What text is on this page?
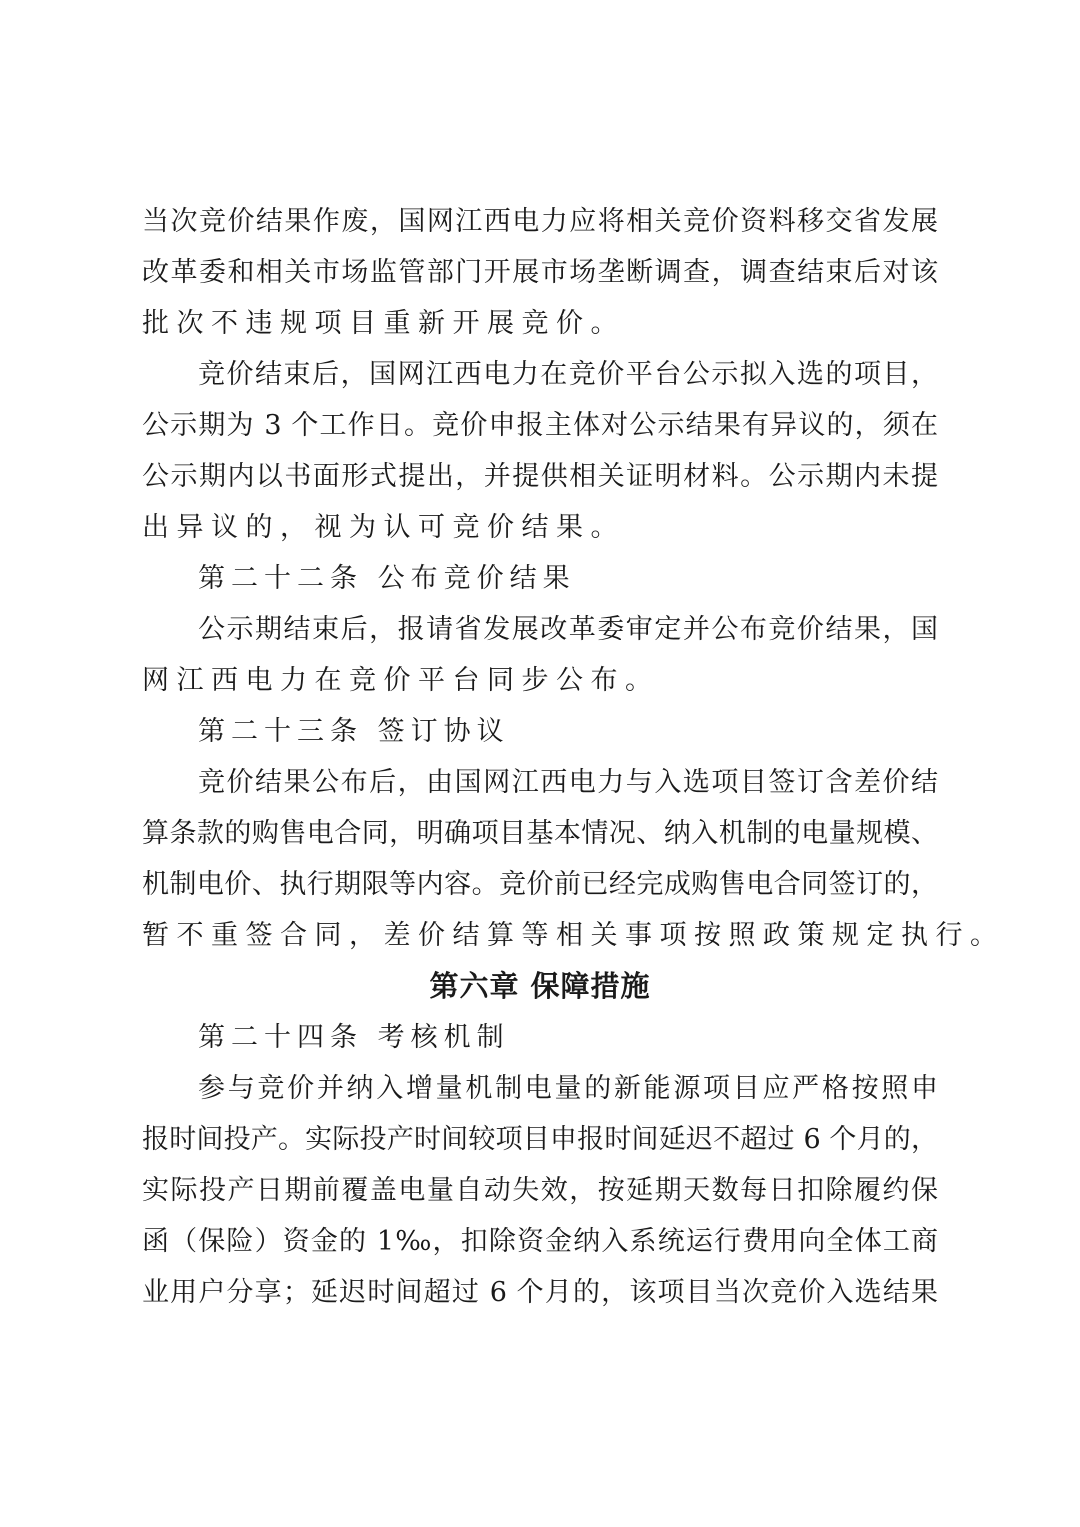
当次竞价结果作废，国网江西电力应将相关竞价资料移交省发展
改革委和相关市场监管部门开展市场垄断调查，调查结束后对该
批次不违规项目重新开展竞价。
竞价结束后，国网江西电力在竞价平台公示拟入选的项目，
公示期为 3 个工作日。竞价申报主体对公示结果有异议的，须在
公示期内以书面形式提出，并提供相关证明材料。公示期内未提
出异议的，视为认可竞价结果。
第二十二条 公布竞价结果
公示期结束后，报请省发展改革委审定并公布竞价结果，国
网江西电力在竞价平台同步公布。
第二十三条 签订协议
竞价结果公布后，由国网江西电力与入选项目签订含差价结
算条款的购售电合同，明确项目基本情况、纳入机制的电量规模、
机制电价、执行期限等内容。竞价前已经完成购售电合同签订的，
暂不重签合同，差价结算等相关事项按照政策规定执行。
第六章 保障措施
第二十四条 考核机制
参与竞价并纳入增量机制电量的新能源项目应严格按照申
报时间投产。实际投产时间较项目申报时间延迟不超过 6 个月的，
实际投产日期前覆盖电量自动失效，按延期天数每日扣除履约保
函（保险）资金的 1‰，扣除资金纳入系统运行费用向全体工商
业用户分享；延迟时间超过 6 个月的，该项目当次竞价入选结果
